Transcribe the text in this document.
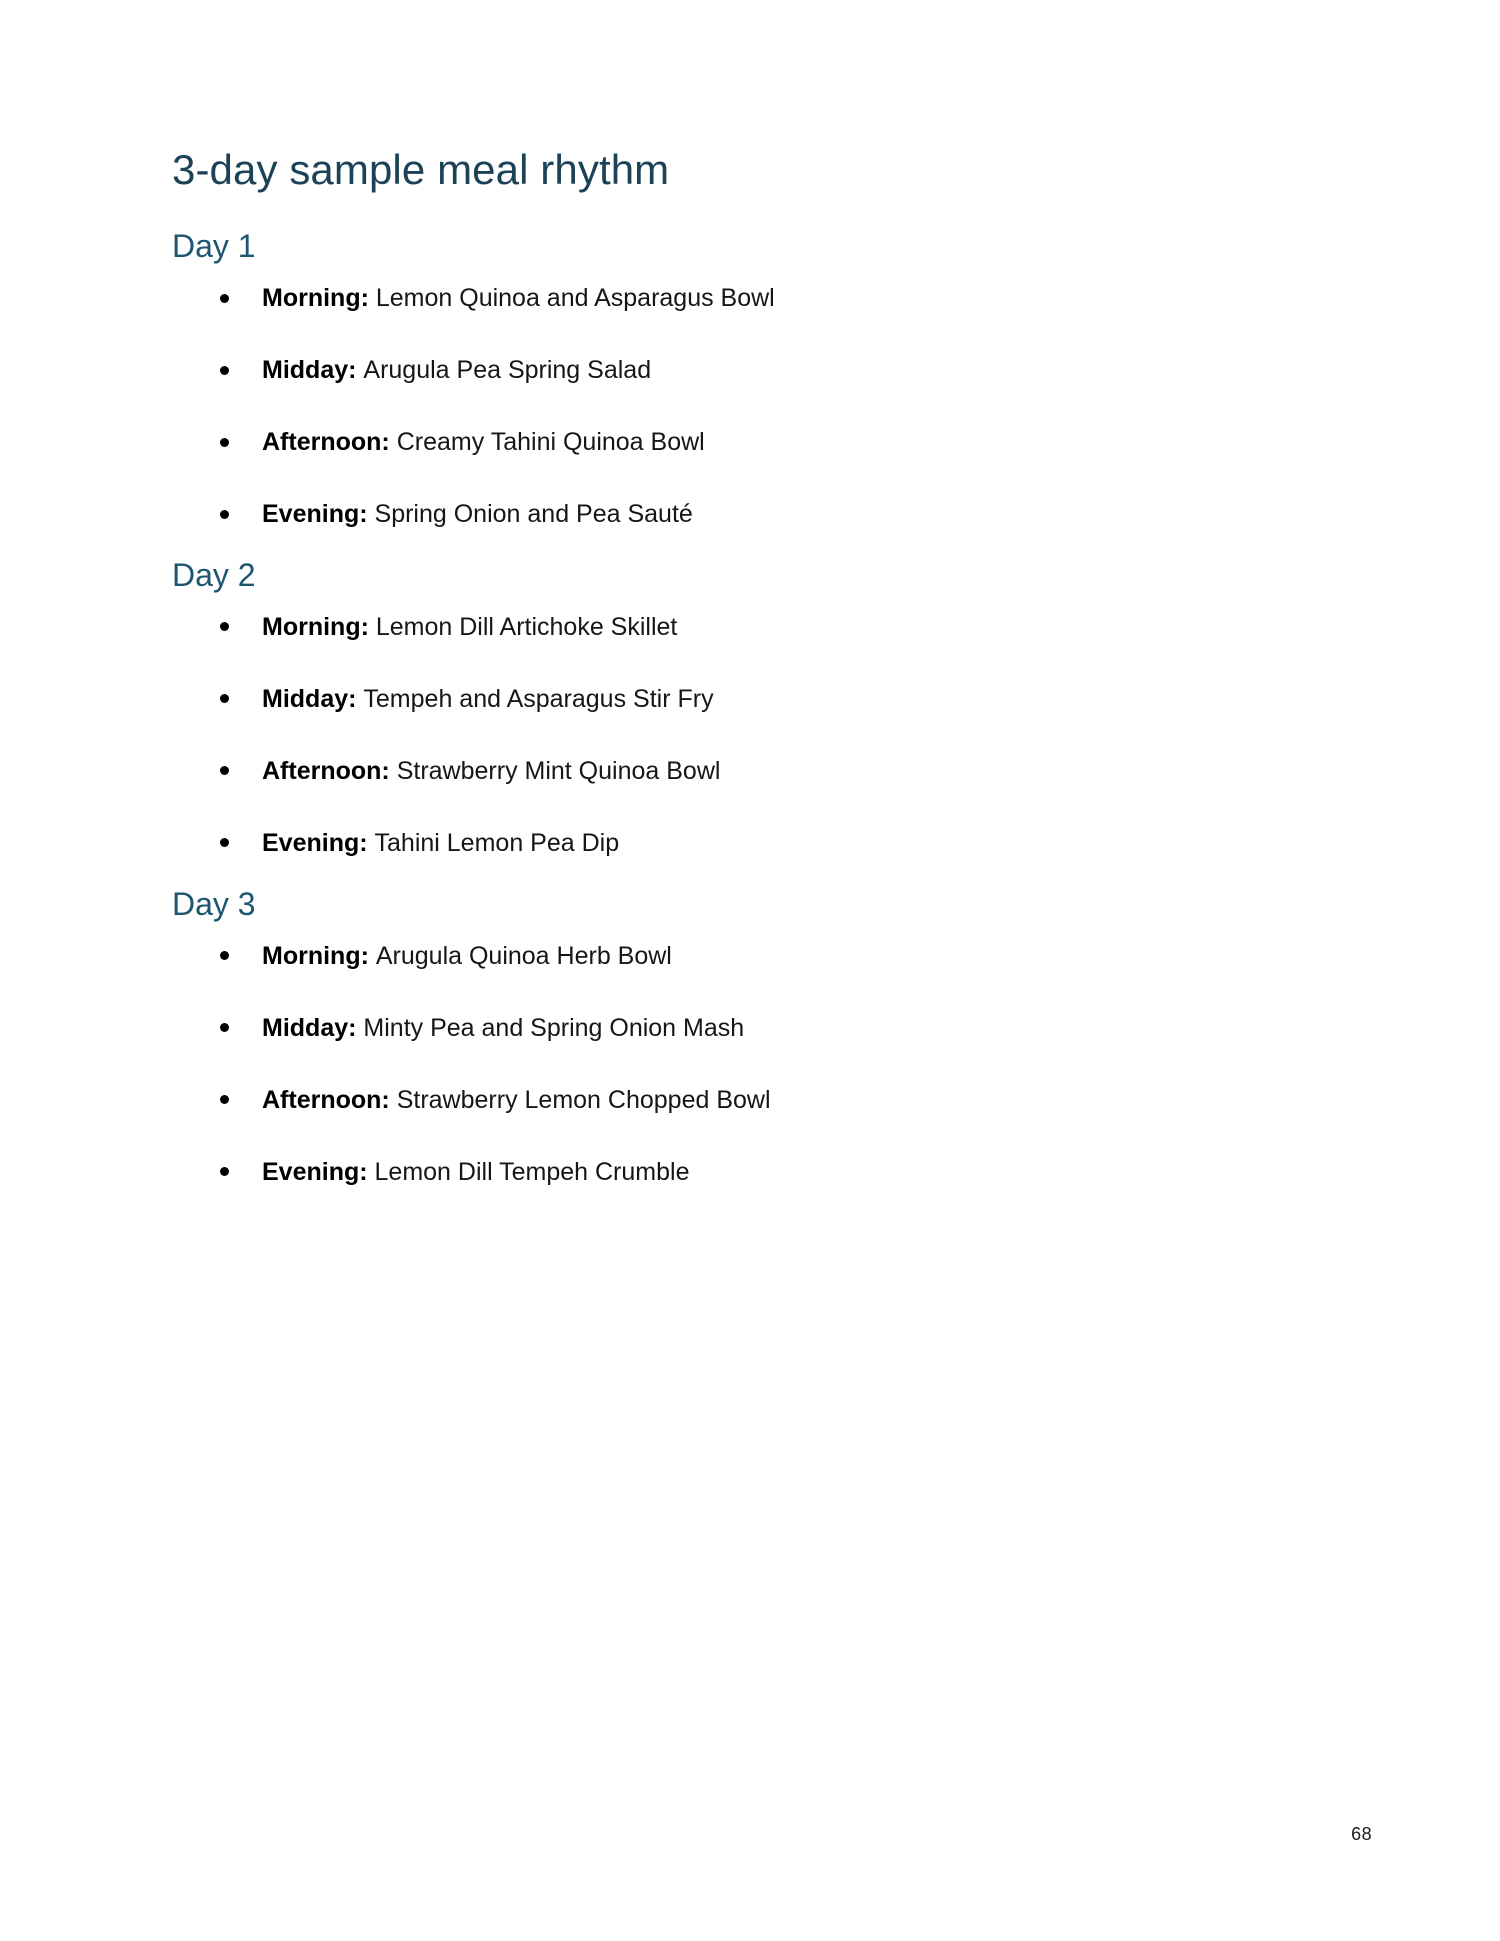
3-day sample meal rhythm
Day 1
Morning: Lemon Quinoa and Asparagus Bowl
Midday: Arugula Pea Spring Salad
Afternoon: Creamy Tahini Quinoa Bowl
Evening: Spring Onion and Pea Sauté
Day 2
Morning: Lemon Dill Artichoke Skillet
Midday: Tempeh and Asparagus Stir Fry
Afternoon: Strawberry Mint Quinoa Bowl
Evening: Tahini Lemon Pea Dip
Day 3
Morning: Arugula Quinoa Herb Bowl
Midday: Minty Pea and Spring Onion Mash
Afternoon: Strawberry Lemon Chopped Bowl
Evening: Lemon Dill Tempeh Crumble
68
